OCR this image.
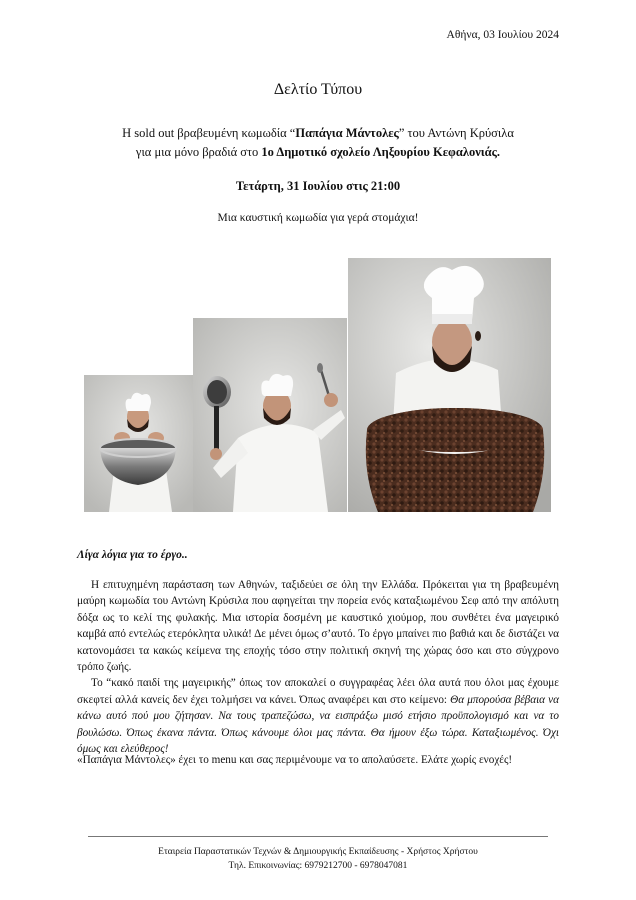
Αθήνα, 03 Ιουλίου 2024
Δελτίο Τύπου
Η sold out βραβευμένη κωμωδία “Παπάγια Μάντολες” του Αντώνη Κρύσιλα
για μια μόνο βραδιά στο 1ο Δημοτικό σχολείο Ληξουρίου Κεφαλονιάς.
Τετάρτη, 31 Ιουλίου στις 21:00
Μια καυστική κωμωδία για γερά στομάχια!
Λίγα λόγια για το έργο..

Η επιτυχημένη παράσταση των Αθηνών, ταξιδεύει σε όλη την Ελλάδα. Πρόκειται για τη βραβευμένη μαύρη κωμωδία του Αντώνη Κρύσιλα που αφηγείται την πορεία ενός καταξιωμένου Σεφ από την απόλυτη δόξα ως το κελί της φυλακής. Μια ιστορία δοσμένη με καυστικό χιούμορ, που συνθέτει ένα μαγειρικό καμβά από εντελώς ετερόκλητα υλικά! Δε μένει όμως σ’αυτό. Το έργο μπαίνει πιο βαθιά και δε διστάζει να κατονομάσει τα κακώς κείμενα της εποχής τόσο στην πολιτική σκηνή της χώρας όσο και στο σύγχρονο τρόπο ζωής.

Το “κακό παιδί της μαγειρικής” όπως τον αποκαλεί ο συγγραφέας λέει όλα αυτά που όλοι μας έχουμε σκεφτεί αλλά κανείς δεν έχει τολμήσει να κάνει. Όπως αναφέρει και στο κείμενο: Θα μπορούσα βέβαια να κάνω αυτό πού μου ζήτησαν. Να τους τραπεζώσω, να εισπράξω μισό ετήσιο προϋπολογισμό και να το βουλώσω. Όπως έκανα πάντα. Όπως κάνουμε όλοι μας πάντα. Θα ήμουν έξω τώρα. Καταξιωμένος. Όχι όμως και ελεύθερος!

«Παπάγια Μάντολες» έχει το menu και σας περιμένουμε να το απολαύσετε. Ελάτε χωρίς ενοχές!
Εταιρεία Παραστατικών Τεχνών & Δημιουργικής Εκπαίδευσης - Χρήστος Χρήστου
Τηλ. Επικοινωνίας: 6979212700 - 6978047081
